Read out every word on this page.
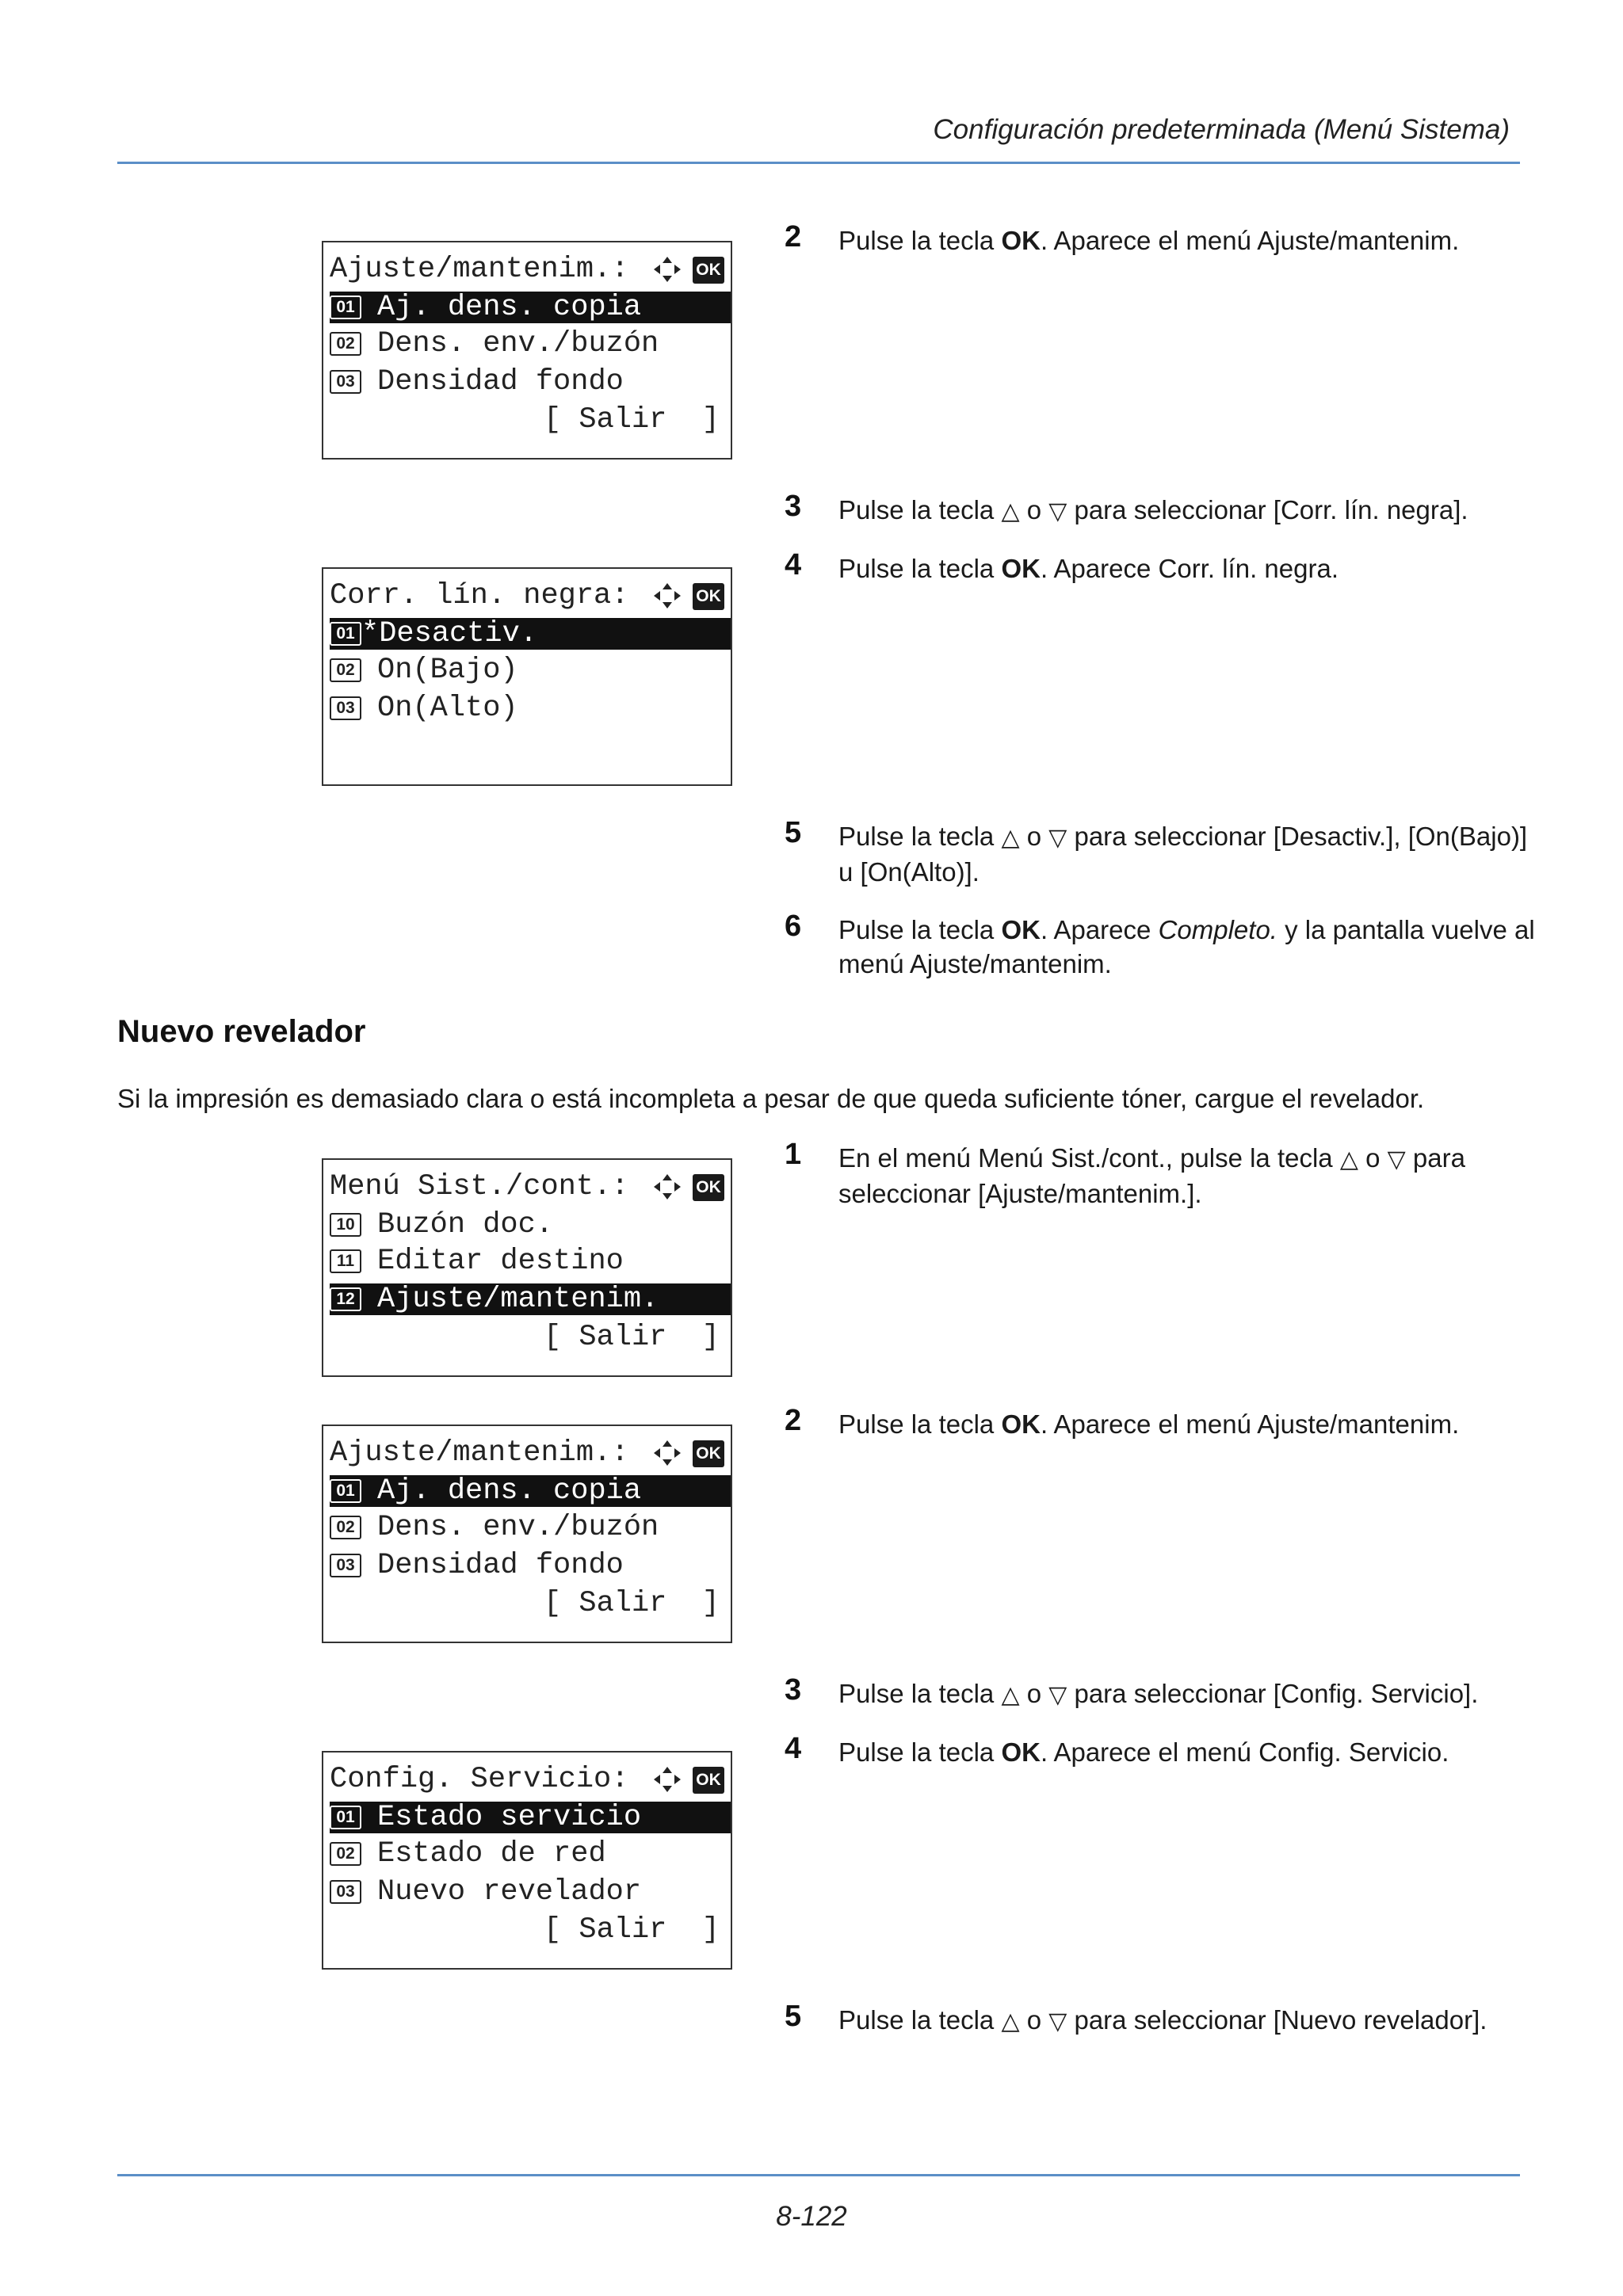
Configuración predeterminada (Menú Sistema)
Ajuste/mantenim.:	OK
01 Aj. dens. copia
02 Dens. env./buzón
03 Densidad fondo
[ Salir  ]
Corr. lín. negra:	OK
01 *Desactiv.
02 On(Bajo)
03 On(Alto)
Menú Sist./cont.:	OK
10 Buzón doc.
11 Editar destino
12 Ajuste/mantenim.
[ Salir  ]
Ajuste/mantenim.:	OK
01 Aj. dens. copia
02 Dens. env./buzón
03 Densidad fondo
[ Salir  ]
Config. Servicio:	OK
01 Estado servicio
02 Estado de red
03 Nuevo revelador
[ Salir  ]
2 Pulse la tecla OK. Aparece el menú Ajuste/mantenim.
3 Pulse la tecla △ o ▽ para seleccionar [Corr. lín. negra].
4 Pulse la tecla OK. Aparece Corr. lín. negra.
5 Pulse la tecla △ o ▽ para seleccionar [Desactiv.], [On(Bajo)] u [On(Alto)].
6 Pulse la tecla OK. Aparece Completo. y la pantalla vuelve al menú Ajuste/mantenim.
Nuevo revelador
Si la impresión es demasiado clara o está incompleta a pesar de que queda suficiente tóner, cargue el revelador.
1 En el menú Menú Sist./cont., pulse la tecla △ o ▽ para seleccionar [Ajuste/mantenim.].
2 Pulse la tecla OK. Aparece el menú Ajuste/mantenim.
3 Pulse la tecla △ o ▽ para seleccionar [Config. Servicio].
4 Pulse la tecla OK. Aparece el menú Config. Servicio.
5 Pulse la tecla △ o ▽ para seleccionar [Nuevo revelador].
8-122
